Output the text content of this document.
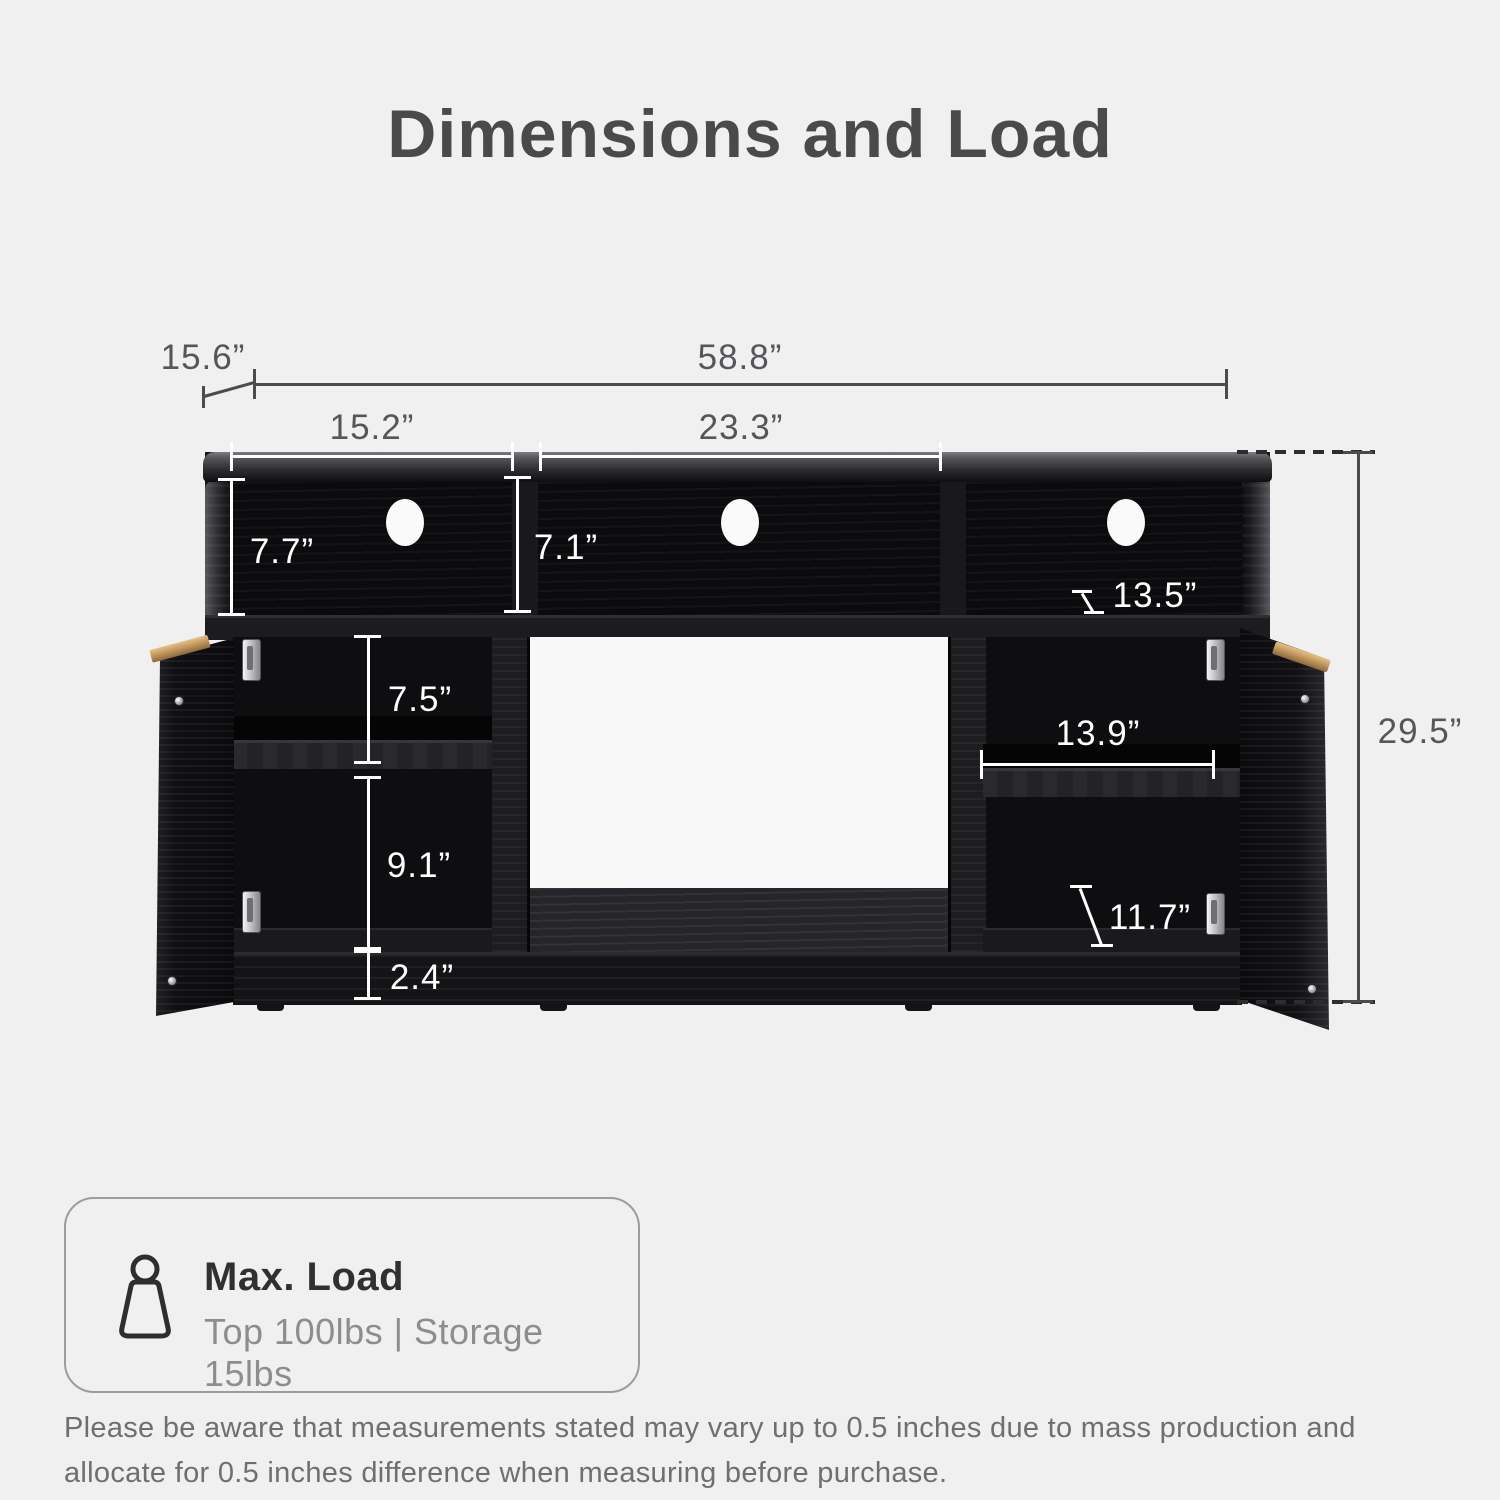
Dimensions and Load
15.6”	58.8”
29.5”
15.2”	23.3”
7.7”	7.1”
13.5”
7.5”
9.1”
2.4”
13.9”
11.7”
Max. Load
Top 100lbs | Storage 15lbs
Please be aware that measurements stated may vary up to 0.5 inches due to mass production and allocate for 0.5 inches difference when measuring before purchase.
